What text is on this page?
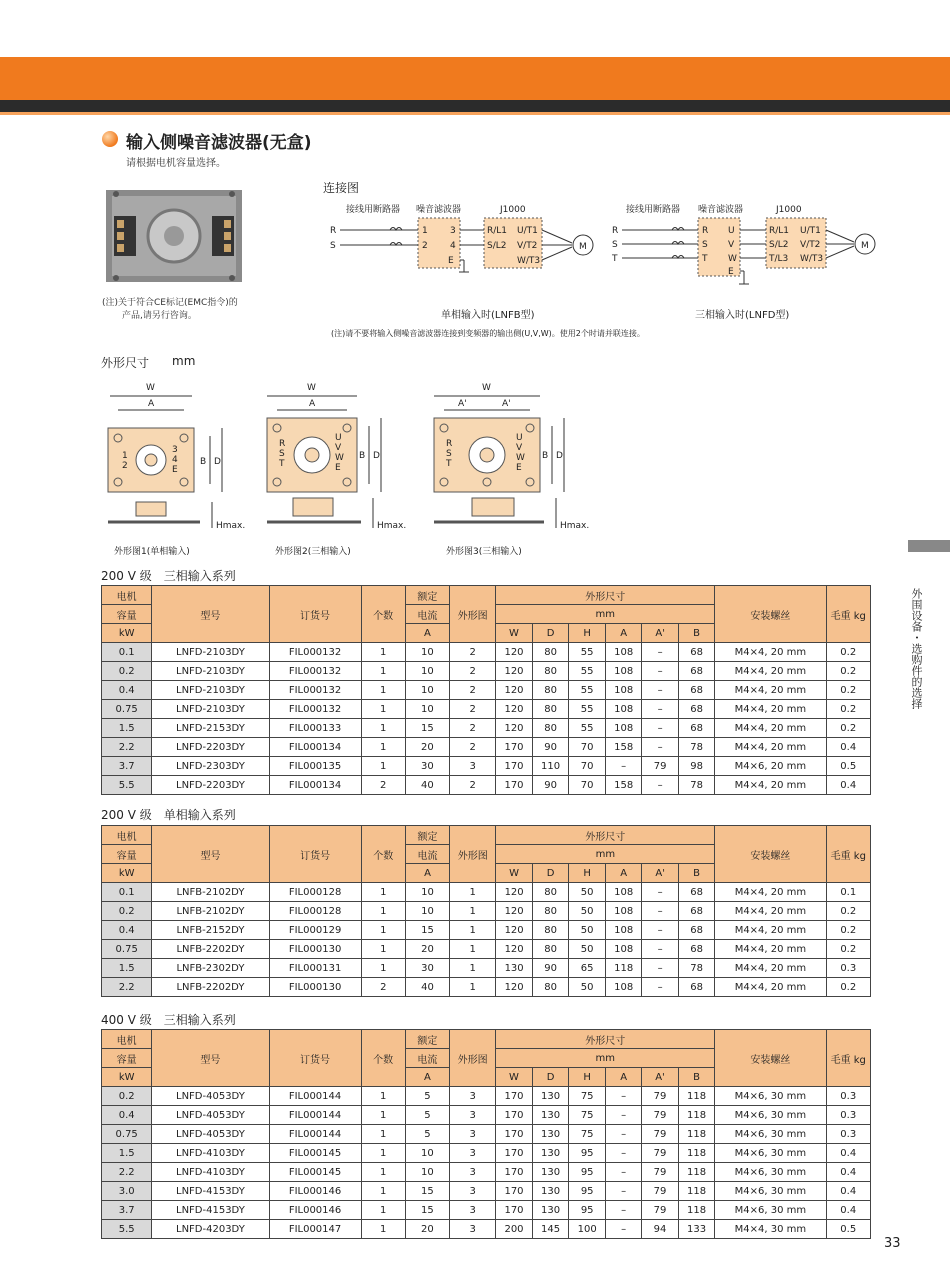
输入侧噪音滤波器(无盒)
请根据电机容量选择。
(注)关于符合CE标记(EMC指令)的
产品,请另行咨询。
连接图
接线用断路器 噪音滤波器	J1000
R
S
1
2
3
4
E
R/L1
S/L2
U/T1
V/T2
W/T3
M
接线用断路器 噪音滤波器	J1000
R
S
T
R
S
T
U
V
W
E
R/L1
S/L2
T/L3
U/T1
V/T2
W/T3
M
单相输入时(LNFB型)	三相输入时(LNFD型)
(注)请不要将输入侧噪音滤波器连接到变频器的输出侧(U,V,W)。使用2个时请并联连接。
外形尺寸 mm
W
A
1
2
3
4
E
B D
Hmax.
外形图1(单相输入)
W
A
R
S
T
U
V
W
E
B D
Hmax.
外形图2(三相输入)
W
A'	A'
R
S
T
U
V
W
E
B D
Hmax.
外形图3(三相输入)
200 V 级　三相输入系列
电机	型号	订货号	个数	额定	外形图	外形尺寸						安装螺丝	毛重 kg
容量				电流		mm							
kW				A		W	D	H	A	A'	B		
0.1	LNFD-2103DY	FIL000132	1	10	2	120	80	55	108	–	68	M4×4, 20 mm	0.2
0.2	LNFD-2103DY	FIL000132	1	10	2	120	80	55	108	–	68	M4×4, 20 mm	0.2
0.4	LNFD-2103DY	FIL000132	1	10	2	120	80	55	108	–	68	M4×4, 20 mm	0.2
0.75	LNFD-2103DY	FIL000132	1	10	2	120	80	55	108	–	68	M4×4, 20 mm	0.2
1.5	LNFD-2153DY	FIL000133	1	15	2	120	80	55	108	–	68	M4×4, 20 mm	0.2
2.2	LNFD-2203DY	FIL000134	1	20	2	170	90	70	158	–	78	M4×4, 20 mm	0.4
3.7	LNFD-2303DY	FIL000135	1	30	3	170	110	70	–	79	98	M4×6, 20 mm	0.5
5.5	LNFD-2203DY	FIL000134	2	40	2	170	90	70	158	–	78	M4×4, 20 mm	0.4
200 V 级　单相输入系列
电机	型号	订货号	个数	额定	外形图	外形尺寸						安装螺丝	毛重 kg
容量				电流		mm							
kW				A		W	D	H	A	A'	B		
0.1	LNFB-2102DY	FIL000128	1	10	1	120	80	50	108	–	68	M4×4, 20 mm	0.1
0.2	LNFB-2102DY	FIL000128	1	10	1	120	80	50	108	–	68	M4×4, 20 mm	0.2
0.4	LNFB-2152DY	FIL000129	1	15	1	120	80	50	108	–	68	M4×4, 20 mm	0.2
0.75	LNFB-2202DY	FIL000130	1	20	1	120	80	50	108	–	68	M4×4, 20 mm	0.2
1.5	LNFB-2302DY	FIL000131	1	30	1	130	90	65	118	–	78	M4×4, 20 mm	0.3
2.2	LNFB-2202DY	FIL000130	2	40	1	120	80	50	108	–	68	M4×4, 20 mm	0.2
400 V 级　三相输入系列
电机	型号	订货号	个数	额定	外形图	外形尺寸						安装螺丝	毛重 kg
容量				电流		mm							
kW				A		W	D	H	A	A'	B		
0.2	LNFD-4053DY	FIL000144	1	5	3	170	130	75	–	79	118	M4×6, 30 mm	0.3
0.4	LNFD-4053DY	FIL000144	1	5	3	170	130	75	–	79	118	M4×6, 30 mm	0.3
0.75	LNFD-4053DY	FIL000144	1	5	3	170	130	75	–	79	118	M4×6, 30 mm	0.3
1.5	LNFD-4103DY	FIL000145	1	10	3	170	130	95	–	79	118	M4×6, 30 mm	0.4
2.2	LNFD-4103DY	FIL000145	1	10	3	170	130	95	–	79	118	M4×6, 30 mm	0.4
3.0	LNFD-4153DY	FIL000146	1	15	3	170	130	95	–	79	118	M4×6, 30 mm	0.4
3.7	LNFD-4153DY	FIL000146	1	15	3	170	130	95	–	79	118	M4×6, 30 mm	0.4
5.5	LNFD-4203DY	FIL000147	1	20	3	200	145	100	–	94	133	M4×4, 30 mm	0.5
外围设备・选购件的选择
33
